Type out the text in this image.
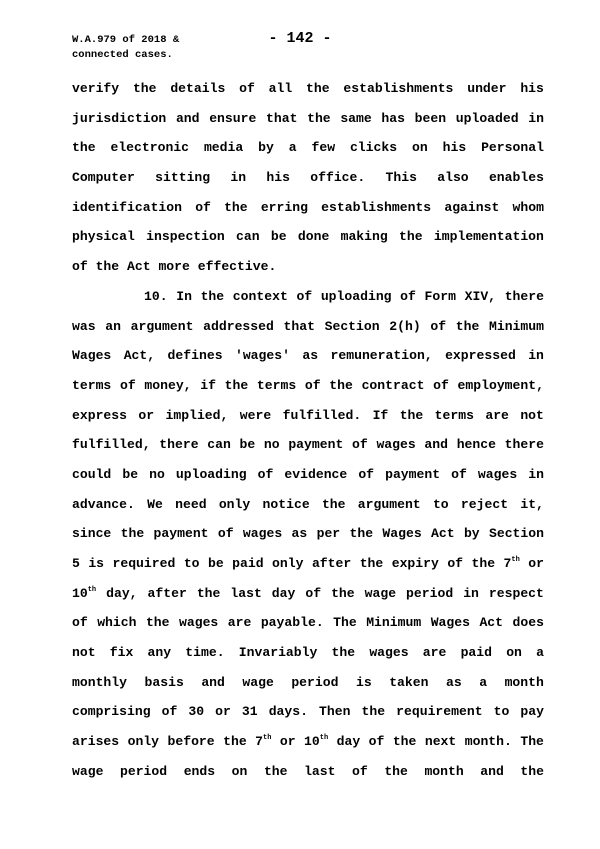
W.A.979 of 2018 &
connected cases.
- 142 -
verify the details of all the establishments under his
jurisdiction and ensure that the same has been uploaded in
the electronic media by a few clicks on his Personal
Computer sitting in his office. This also enables
identification of the erring establishments against whom
physical inspection can be done making the implementation
of the Act more effective.
10. In the context of uploading of Form XIV, there
was an argument addressed that Section 2(h) of the Minimum
Wages Act, defines 'wages' as remuneration, expressed in
terms of money, if the terms of the contract of employment,
express or implied, were fulfilled. If the terms are not
fulfilled, there can be no payment of wages and hence there
could be no uploading of evidence of payment of wages in
advance. We need only notice the argument to reject it,
since the payment of wages as per the Wages Act by Section
5 is required to be paid only after the expiry of the 7th or
10th day, after the last day of the wage period in respect
of which the wages are payable. The Minimum Wages Act does
not fix any time. Invariably the wages are paid on a
monthly basis and wage period is taken as a month
comprising of 30 or 31 days. Then the requirement to pay
arises only before the 7th or 10th day of the next month. The
wage period ends on the last of the month and the
